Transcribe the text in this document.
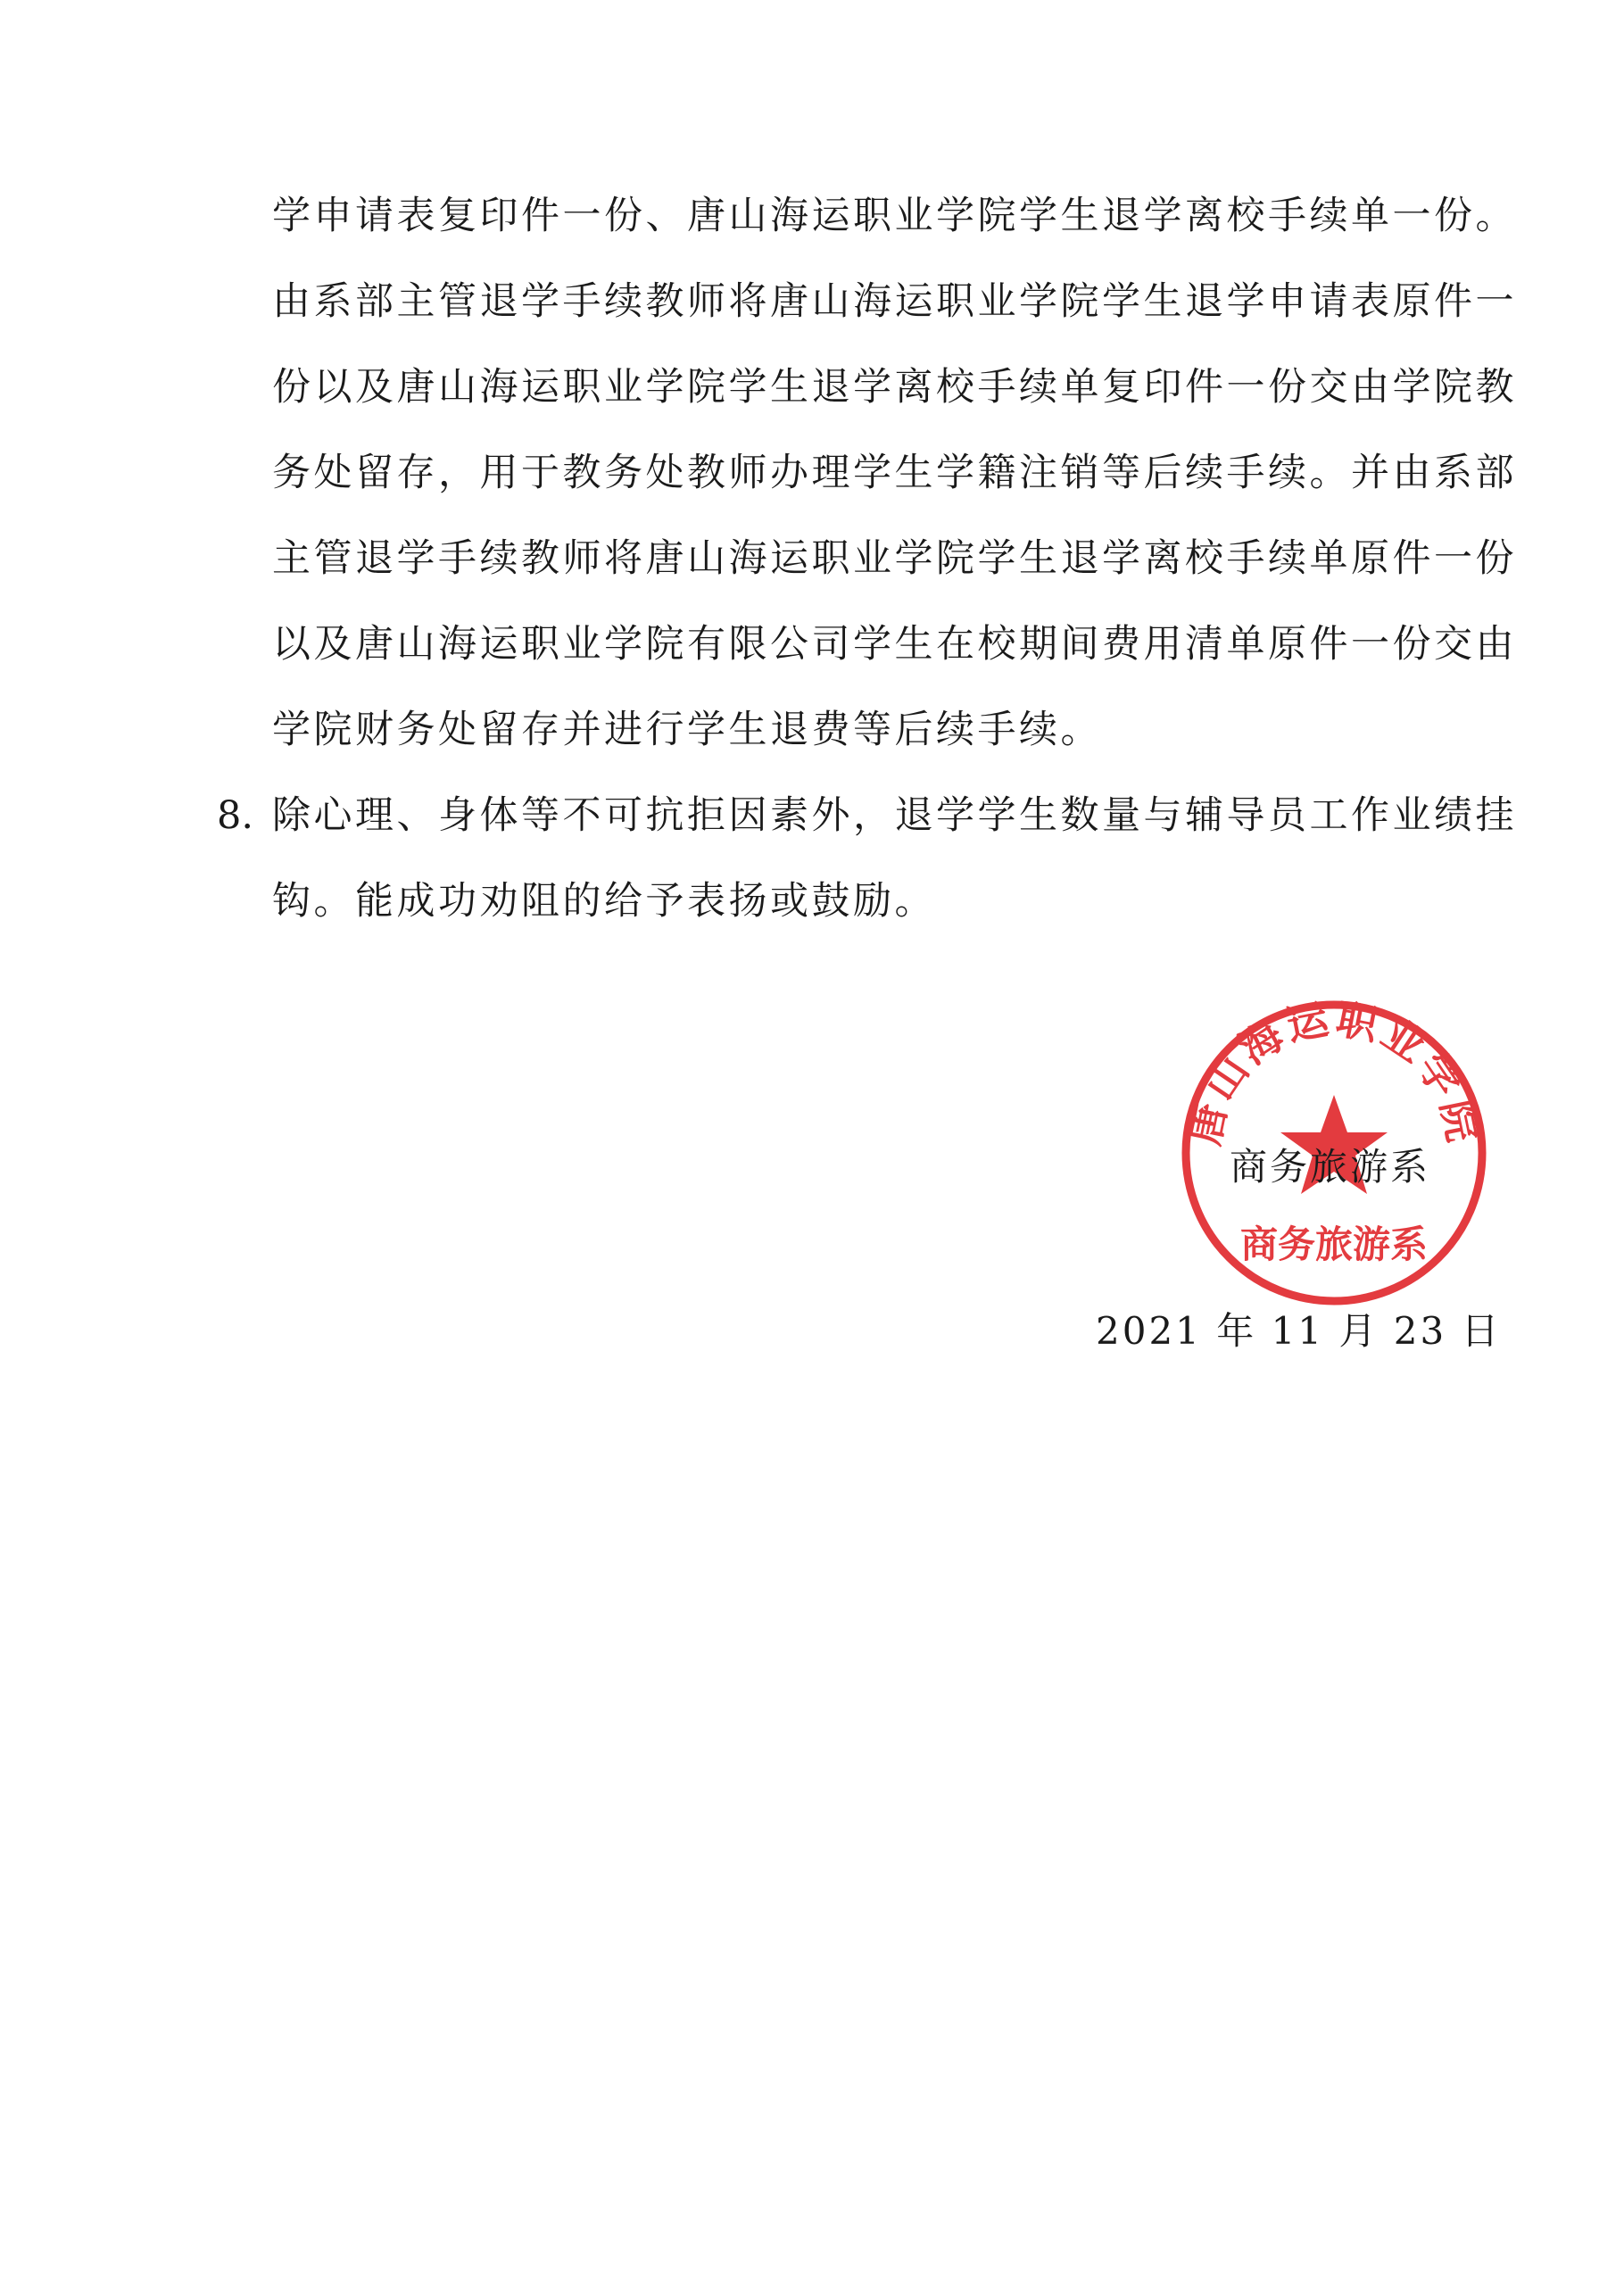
学申请表复印件一份、唐山海运职业学院学生退学离校手续单一份。
由系部主管退学手续教师将唐山海运职业学院学生退学申请表原件一
份以及唐山海运职业学院学生退学离校手续单复印件一份交由学院教
务处留存，用于教务处教师办理学生学籍注销等后续手续。并由系部
主管退学手续教师将唐山海运职业学院学生退学离校手续单原件一份
以及唐山海运职业学院有限公司学生在校期间费用清单原件一份交由
学院财务处留存并进行学生退费等后续手续。
8. 除心理、身体等不可抗拒因素外，退学学生数量与辅导员工作业绩挂
钩。能成功劝阻的给予表扬或鼓励。
唐山海运职业学院
商务旅游系
商务旅游系
2021 年 11 月 23 日
